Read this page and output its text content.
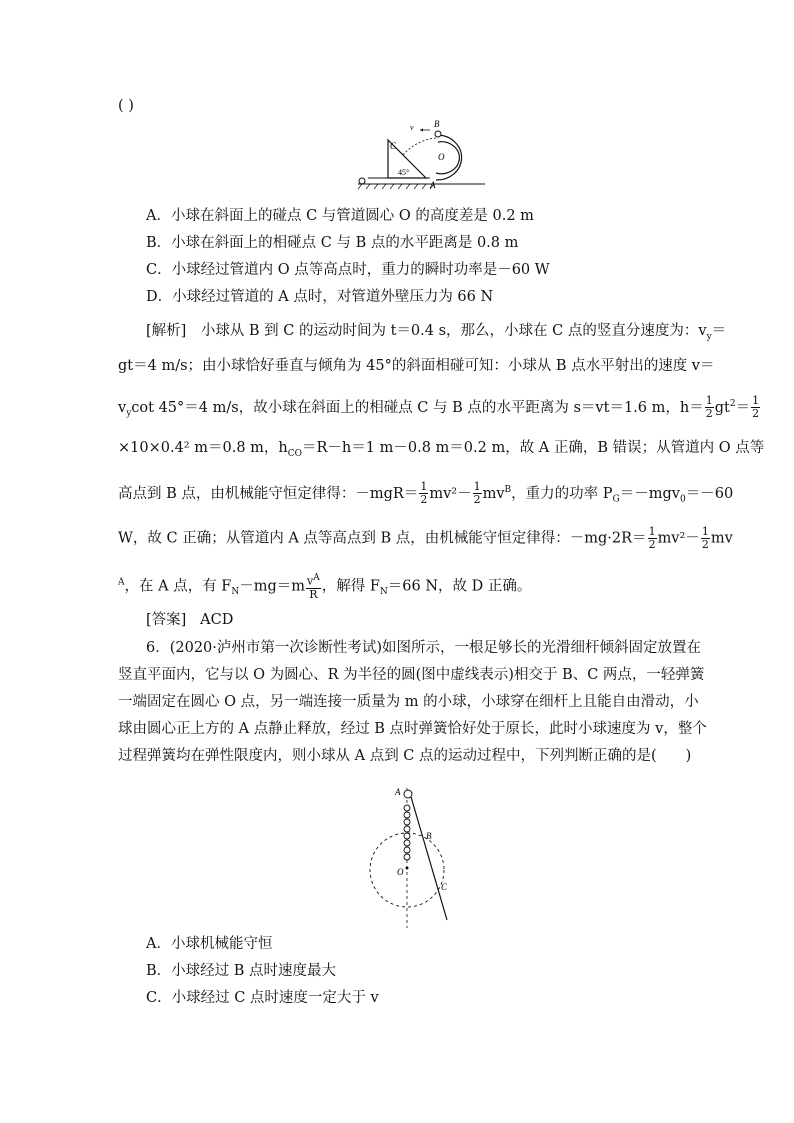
( )
v B
C
O
A
45°
A．小球在斜面上的碰点 C 与管道圆心 O 的高度差是 0.2 m
B．小球在斜面上的相碰点 C 与 B 点的水平距离是 0.8 m
C．小球经过管道内 O 点等高点时，重力的瞬时功率是－60 W
D．小球经过管道的 A 点时，对管道外壁压力为 66 N
[解析]　小球从 B 到 C 的运动时间为 t＝0.4 s，那么，小球在 C 点的竖直分速度为：$v_y=$
gt＝4 m/s；由小球恰好垂直与倾角为 45°的斜面相碰可知：小球从 B 点水平射出的速度 v＝
$v_y\cot$ 45°＝4 m/s，故小球在斜面上的相碰点 C 与 B 点的水平距离为 s＝vt＝1.6 m，$h= \frac{1}{2} gt^2= \frac{1}{2}$
×10×0.4² m＝0.8 m，$h_{CO}=R-h=1$ m－0.8 m＝0.2 m，故 A 正确，B 错误；从管道内 O 点等
高点到 B 点，由机械能守恒定律得：$-mgR= \frac{1}{2} mv^2- \frac{1}{2} mv^B$，重力的功率 $P_G=-mgv_0=-60$
W，故 C 正确；从管道内 A 点等高点到 B 点，由机械能守恒定律得：$-mg\cdot 2R= \frac{1}{2} mv^2- \frac{1}{2}$ mv
$^A$，在 A 点，有 $F_N-mg=m \frac{v^A}{R}$ ，解得 $F_N=66$ N，故 D 正确。
[答案] ACD
6．(2020·泸州市第一次诊断性考试)如图所示，一根足够长的光滑细杆倾斜固定放置在
竖直平面内，它与以 O 为圆心、R 为半径的圆(图中虚线表示)相交于 B、C 两点，一轻弹簧
一端固定在圆心 O 点，另一端连接一质量为 m 的小球，小球穿在细杆上且能自由滑动，小
球由圆心正上方的 A 点静止释放，经过 B 点时弹簧恰好处于原长，此时小球速度为 v，整个
过程弹簧均在弹性限度内，则小球从 A 点到 C 点的运动过程中，下列判断正确的是(　　)
A
B
O
C
A．小球机械能守恒
B．小球经过 B 点时速度最大
C．小球经过 C 点时速度一定大于 v
